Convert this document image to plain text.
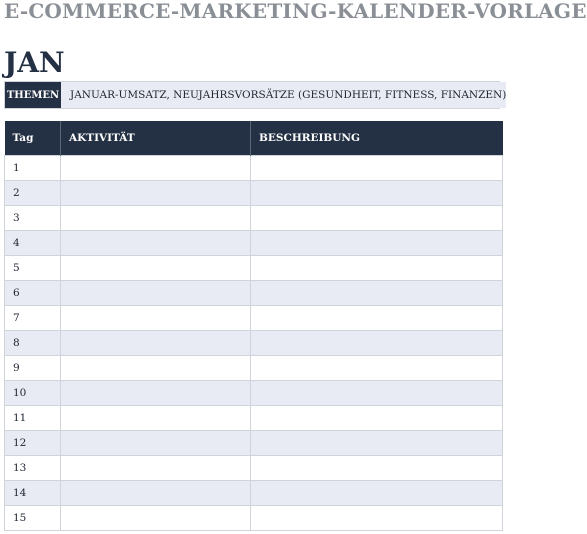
E-COMMERCE-MARKETING-KALENDER-VORLAGE
JAN
THEMEN	JANUAR-UMSATZ, NEUJAHRSVORSÄTZE (GESUNDHEIT, FITNESS, FINANZEN)
Tag	AKTIVITÄT	BESCHREIBUNG
1		
2		
3		
4		
5		
6		
7		
8		
9		
10		
11		
12		
13		
14		
15		
